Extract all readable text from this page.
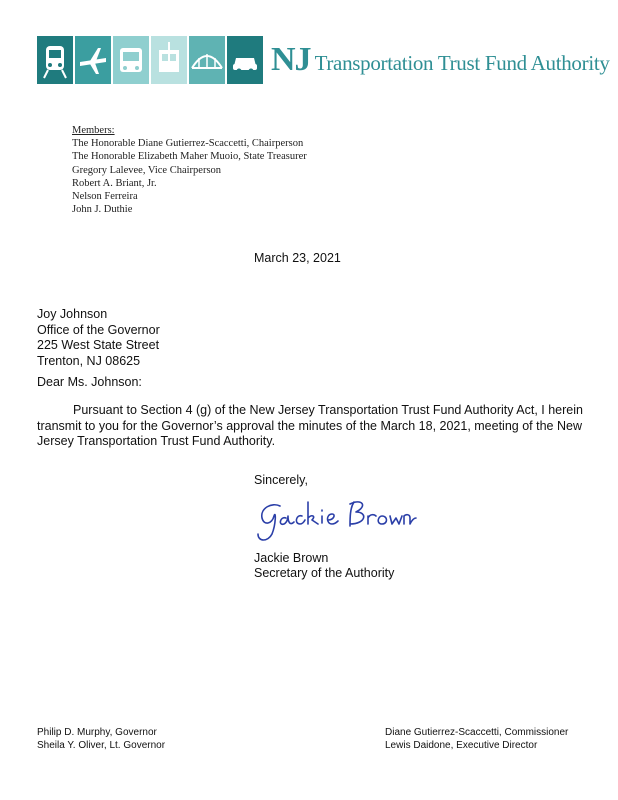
NJ Transportation Trust Fund Authority
Members:
The Honorable Diane Gutierrez-Scaccetti, Chairperson
The Honorable Elizabeth Maher Muoio, State Treasurer
Gregory Lalevee, Vice Chairperson
Robert A. Briant, Jr.
Nelson Ferreira
John J. Duthie
March 23, 2021
Joy Johnson
Office of the Governor
225 West State Street
Trenton, NJ 08625
Dear Ms. Johnson:
Pursuant to Section 4 (g) of the New Jersey Transportation Trust Fund Authority Act, I herein transmit to you for the Governor’s approval the minutes of the March 18, 2021, meeting of the New Jersey Transportation Trust Fund Authority.
Sincerely,
Jackie Brown
Secretary of the Authority
Philip D. Murphy, Governor
Sheila Y. Oliver, Lt. Governor
Diane Gutierrez-Scaccetti, Commissioner
Lewis Daidone, Executive Director
